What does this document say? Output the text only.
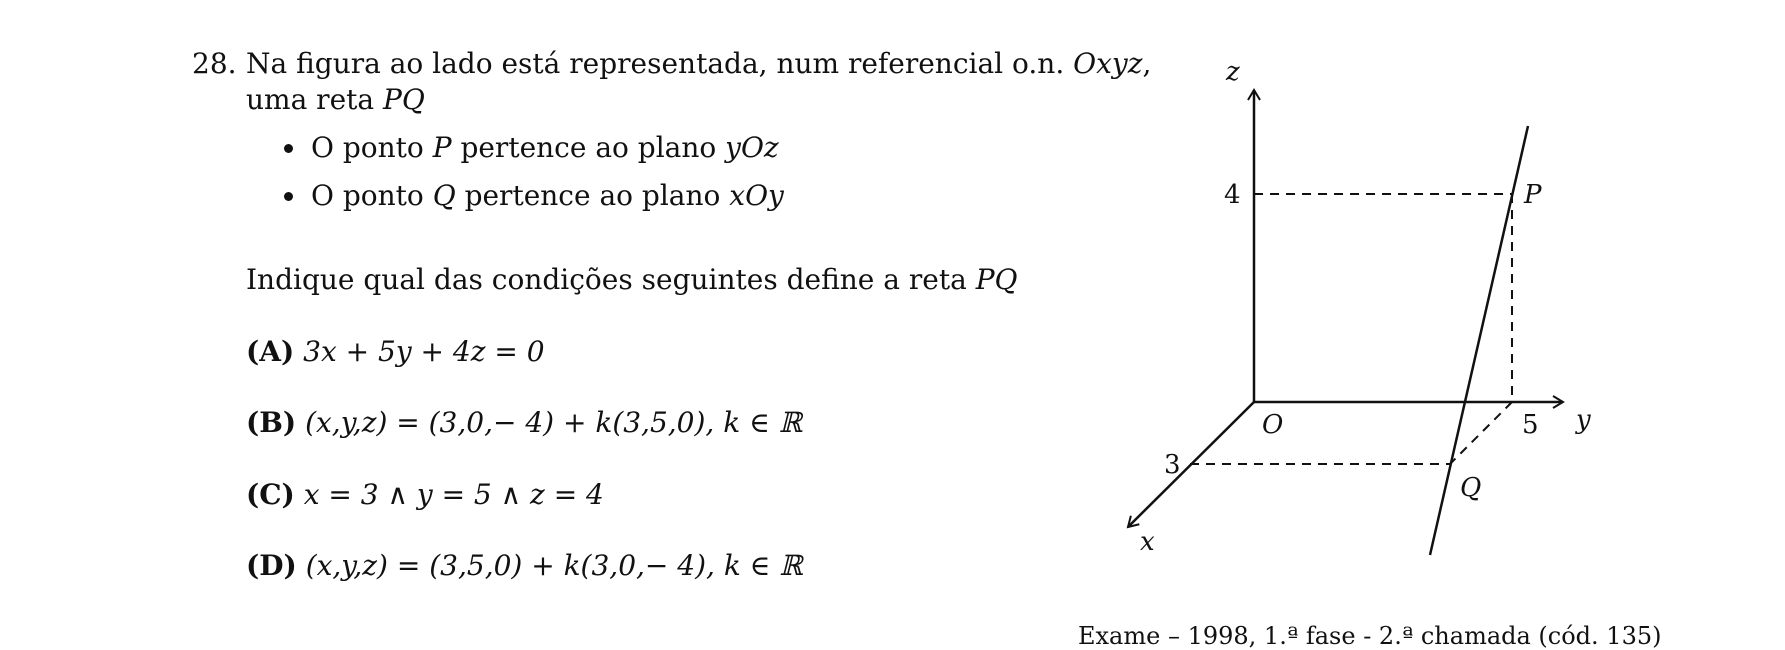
28. Na figura ao lado está representada, num referencial o.n. Oxyz,
uma reta PQ
O ponto P pertence ao plano yOz
O ponto Q pertence ao plano xOy
Indique qual das condições seguintes define a reta PQ
(A) 3x + 5y + 4z = 0
(B) (x,y,z) = (3,0,− 4) + k(3,5,0), k ∈ ℝ
(C) x = 3 ∧ y = 5 ∧ z = 4
(D) (x,y,z) = (3,5,0) + k(3,0,− 4), k ∈ ℝ
z
y
x
O
4
5
3
P
Q
Exame – 1998, 1.ª fase - 2.ª chamada (cód. 135)
